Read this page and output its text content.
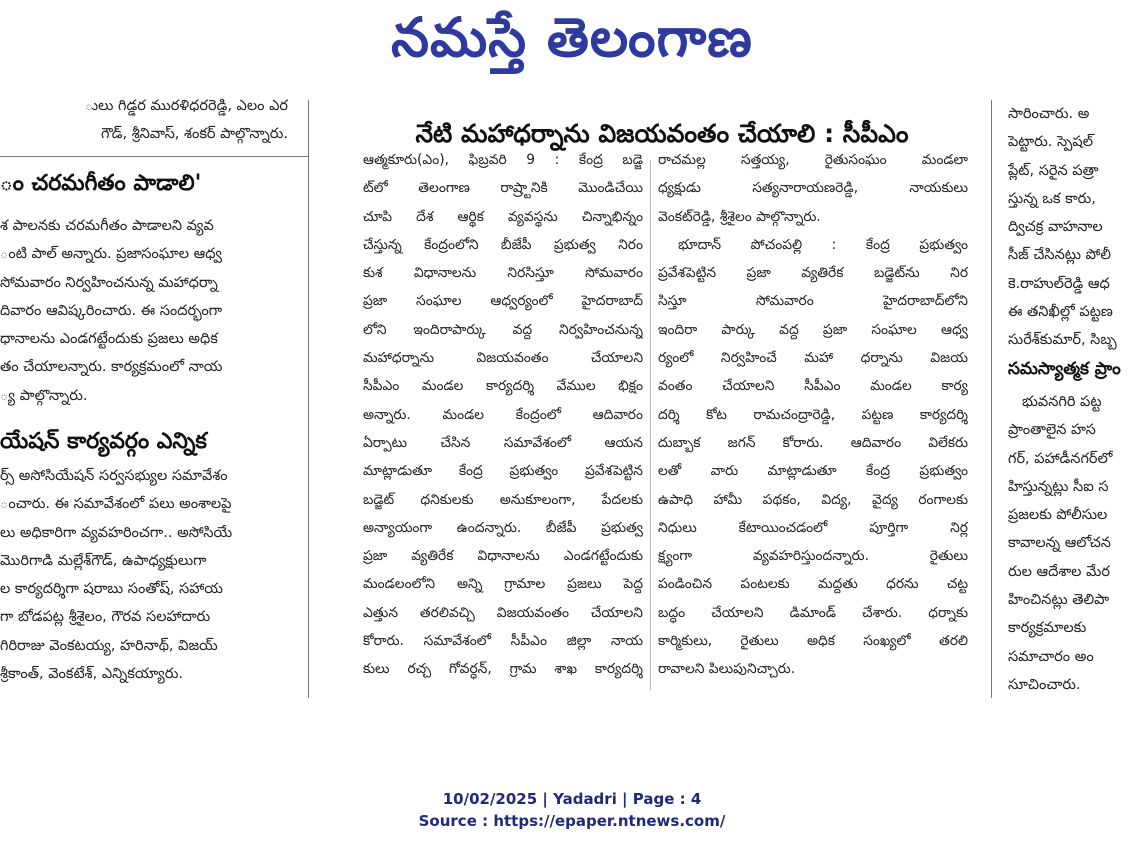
నమస్తే తెలంగాణ

ులు గిడ్డర మురళిధరరెడ్డి, ఎలం ఎర

గౌడ్‌, శ్రీనివాస్‌, శంకర్‌ పాల్గొన్నారు.

ం చరమగీతం పాడాలి'

శ పాలనకు చరమగీతం పాడాలని వ్యవ

ంటి పాల్‌ అన్నారు. ప్రజాసంఘాల ఆధ్వ

సోమవారం నిర్వహించనున్న మహాధర్నా

దివారం ఆవిష్కరించారు. ఈ సందర్భంగా

ధానాలను ఎండగట్టేందుకు ప్రజలు అధిక

తం చేయాలన్నారు. కార్యక్రమంలో నాయ

్య పాల్గొన్నారు.

యేషన్ కార్యవర్గం ఎన్నిక

ర్స్‌ అసోసియేషన్‌ సర్వసభ్యుల సమావేశం

ంచారు. ఈ సమావేశంలో పలు అంశాలపై

లు అధికారిగా వ్యవహరించగా.. అసోసియే

మొరిగాడి మల్లేశ్‌గౌడ్‌, ఉపాధ్యక్షులుగా

ల కార్యదర్శిగా షరాబు సంతోష్‌, సహాయ

గా బోడపట్ల శ్రీశైలం, గౌరవ సలహాదారు

గిరిరాజు వెంకటయ్య, హరినాథ్‌, విజయ్‌

శ్రీకాంత్‌, వెంకటేశ్‌, ఎన్నికయ్యారు.

నేటి మహాధర్నాను విజయవంతం చేయాలి : సీపీఎం

ఆత్మకూరు(ఎం), ఫిబ్రవరి 9 : కేంద్ర బడ్జె

ట్‌లో తెలంగాణ రాష్ర్టానికి మొండిచేయి

చూపి దేశ ఆర్థిక వ్యవస్థను చిన్నాభిన్నం

చేస్తున్న కేంద్రంలోని బీజేపీ ప్రభుత్వ నిరం

కుశ విధానాలను నిరసిస్తూ సోమవారం

ప్రజా సంఘాల ఆధ్వర్యంలో హైదరాబాద్‌

లోని ఇందిరాపార్కు వద్ద నిర్వహించనున్న

మహాధర్నాను విజయవంతం చేయాలని

సీపీఎం మండల కార్యదర్శి వేముల భిక్షం

అన్నారు. మండల కేంద్రంలో ఆదివారం

ఏర్పాటు చేసిన సమావేశంలో ఆయన

మాట్లాడుతూ కేంద్ర ప్రభుత్వం ప్రవేశపెట్టిన

బడ్జెట్‌ ధనికులకు అనుకూలంగా, పేదలకు

అన్యాయంగా ఉందన్నారు. బీజేపీ ప్రభుత్వ

ప్రజా వ్యతిరేక విధానాలను ఎండగట్టేందుకు

మండలంలోని అన్ని గ్రామాల ప్రజలు పెద్ద

ఎత్తున తరలివచ్చి విజయవంతం చేయాలని

కోరారు. సమావేశంలో సీపీఎం జిల్లా నాయ

కులు రచ్చ గోవర్ధన్‌, గ్రామ శాఖ కార్యదర్శి

రాచమల్ల సత్తయ్య, రైతుసంఘం మండలా

ధ్యక్షుడు సత్యనారాయణరెడ్డి, నాయకులు

వెంకట్‌రెడ్డి, శ్రీశైలం పాల్గొన్నారు.

భూదాన్‌ పోచంపల్లి : కేంద్ర ప్రభుత్వం

ప్రవేశపెట్టిన ప్రజా వ్యతిరేక బడ్జెట్‌ను నిర

సిస్తూ సోమవారం హైదరాబాద్‌లోని

ఇందిరా పార్కు వద్ద ప్రజా సంఘాల ఆధ్వ

ర్యంలో నిర్వహించే మహా ధర్నాను విజయ

వంతం చేయాలని సీపీఎం మండల కార్య

దర్శి కోట రామచంద్రారెడ్డి, పట్టణ కార్యదర్శి

దుబ్బాక జగన్‌ కోరారు. ఆదివారం విలేకరు

లతో వారు మాట్లాడుతూ కేంద్ర ప్రభుత్వం

ఉపాధి హామీ పథకం, విద్య, వైద్య రంగాలకు

నిధులు కేటాయించడంలో పూర్తిగా నిర్ల

క్ష్యంగా వ్యవహరిస్తుందన్నారు. రైతులు

పండించిన పంటలకు మద్దతు ధరను చట్ట

బద్ధం చేయాలని డిమాండ్‌ చేశారు. ధర్నాకు

కార్మికులు, రైతులు అధిక సంఖ్యలో తరలి

రావాలని పిలుపునిచ్చారు.

సారించారు. అ

పెట్టారు. స్పెషల్‌

ప్లేట్‌, సరైన పత్రా

స్తున్న ఒక కారు,

ద్విచక్ర వాహనాల

సీజ్‌ చేసినట్లు పోలీ

కె.రాహుల్‌రెడ్డి ఆధ

ఈ తనిఖీల్లో పట్టణ

సురేశ్‌కుమార్‌, సిబ్బ

సమస్యాత్మక ప్రాం

భువనగిరి పట్ట

ప్రాంతాలైన హస

గర్‌, పహాడీనగర్‌లో

హిస్తున్నట్లు సీఐ స

ప్రజలకు పోలీసుల

కావాలన్న ఆలోచన

రుల ఆదేశాల మేర

హించినట్లు తెలిపా

కార్యక్రమాలకు

సమాచారం అం

సూచించారు.

10/02/2025 | Yadadri | Page : 4
Source : https://epaper.ntnews.com/
